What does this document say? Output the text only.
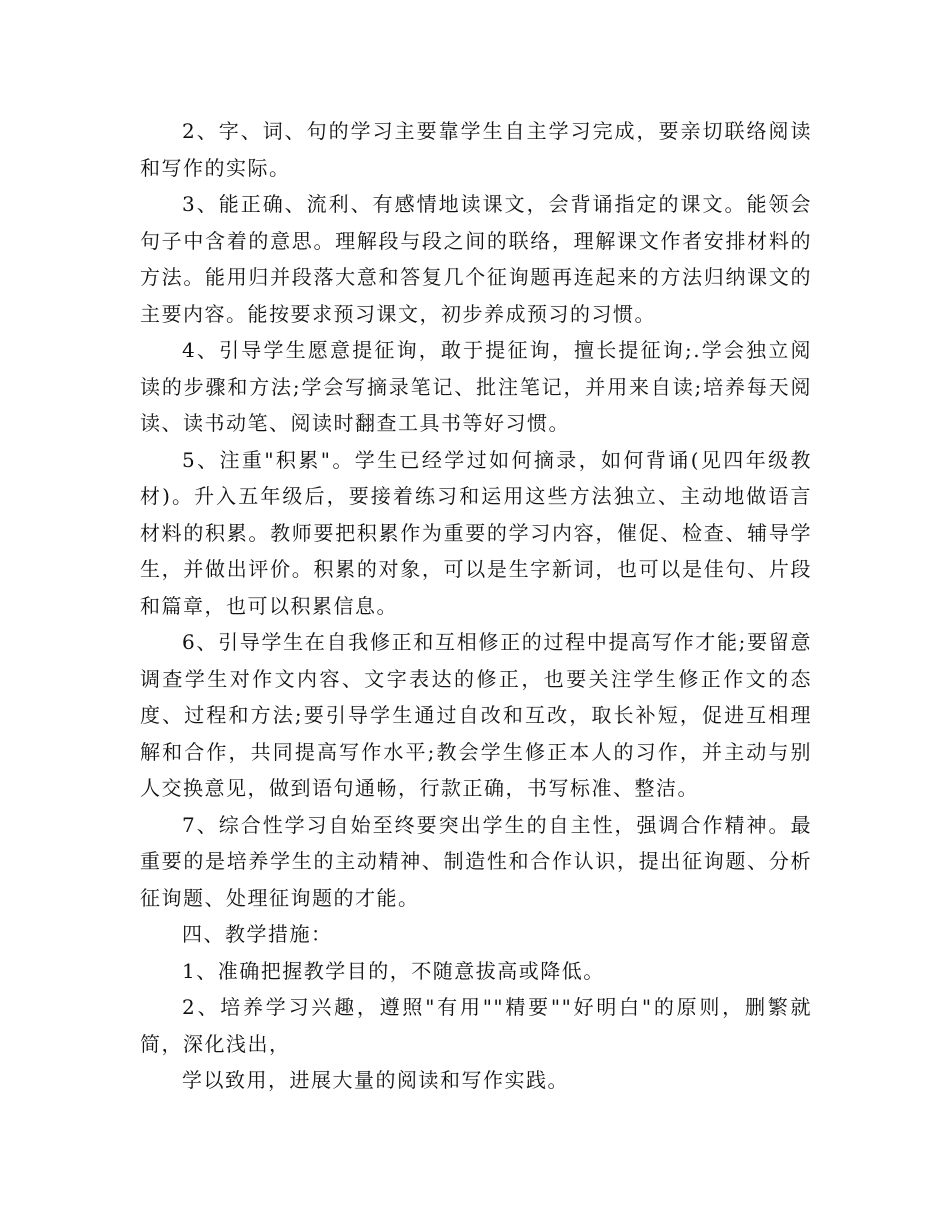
2、字、词、句的学习主要靠学生自主学习完成，要亲切联络阅读和写作的实际。

3、能正确、流利、有感情地读课文，会背诵指定的课文。能领会句子中含着的意思。理解段与段之间的联络，理解课文作者安排材料的方法。能用归并段落大意和答复几个征询题再连起来的方法归纳课文的主要内容。能按要求预习课文，初步养成预习的习惯。

4、引导学生愿意提征询，敢于提征询，擅长提征询;.学会独立阅读的步骤和方法;学会写摘录笔记、批注笔记，并用来自读;培养每天阅读、读书动笔、阅读时翻查工具书等好习惯。

5、注重"积累"。学生已经学过如何摘录，如何背诵(见四年级教材)。升入五年级后，要接着练习和运用这些方法独立、主动地做语言材料的积累。教师要把积累作为重要的学习内容，催促、检查、辅导学生，并做出评价。积累的对象，可以是生字新词，也可以是佳句、片段和篇章，也可以积累信息。

6、引导学生在自我修正和互相修正的过程中提高写作才能;要留意调查学生对作文内容、文字表达的修正，也要关注学生修正作文的态度、过程和方法;要引导学生通过自改和互改，取长补短，促进互相理解和合作，共同提高写作水平;教会学生修正本人的习作，并主动与别人交换意见，做到语句通畅，行款正确，书写标准、整洁。

7、综合性学习自始至终要突出学生的自主性，强调合作精神。最重要的是培养学生的主动精神、制造性和合作认识，提出征询题、分析征询题、处理征询题的才能。

四、教学措施：

1、准确把握教学目的，不随意拔高或降低。

2、培养学习兴趣，遵照"有用""精要""好明白"的原则，删繁就简，深化浅出，

学以致用，进展大量的阅读和写作实践。
